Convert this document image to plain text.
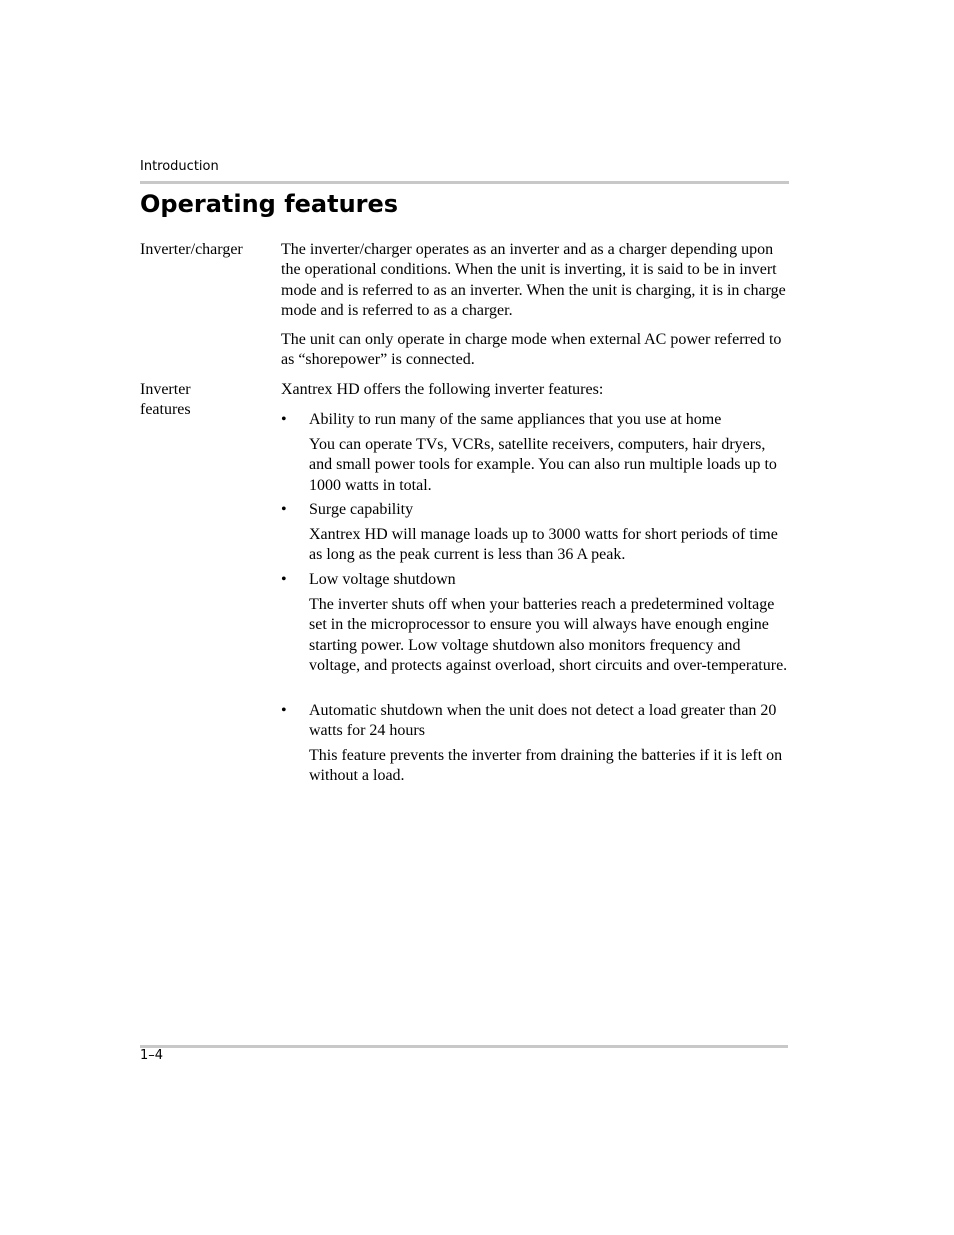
Introduction
Operating features
Inverter/charger	The inverter/charger operates as an inverter and as a charger depending upon the operational conditions. When the unit is inverting, it is said to be in invert mode and is referred to as an inverter. When the unit is charging, it is in charge mode and is referred to as a charger.

The unit can only operate in charge mode when external AC power referred to as “shorepower” is connected.

Inverter
features
Xantrex HD offers the following inverter features:
• Ability to run many of the same appliances that you use at home
You can operate TVs, VCRs, satellite receivers, computers, hair dryers, and small power tools for example. You can also run multiple loads up to 1000 watts in total.
• Surge capability
Xantrex HD will manage loads up to 3000 watts for short periods of time as long as the peak current is less than 36 A peak.
• Low voltage shutdown
The inverter shuts off when your batteries reach a predetermined voltage set in the microprocessor to ensure you will always have enough engine starting power. Low voltage shutdown also monitors frequency and voltage, and protects against overload, short circuits and over-temperature.
• Automatic shutdown when the unit does not detect a load greater than 20 watts for 24 hours
This feature prevents the inverter from draining the batteries if it is left on without a load.
1–4
